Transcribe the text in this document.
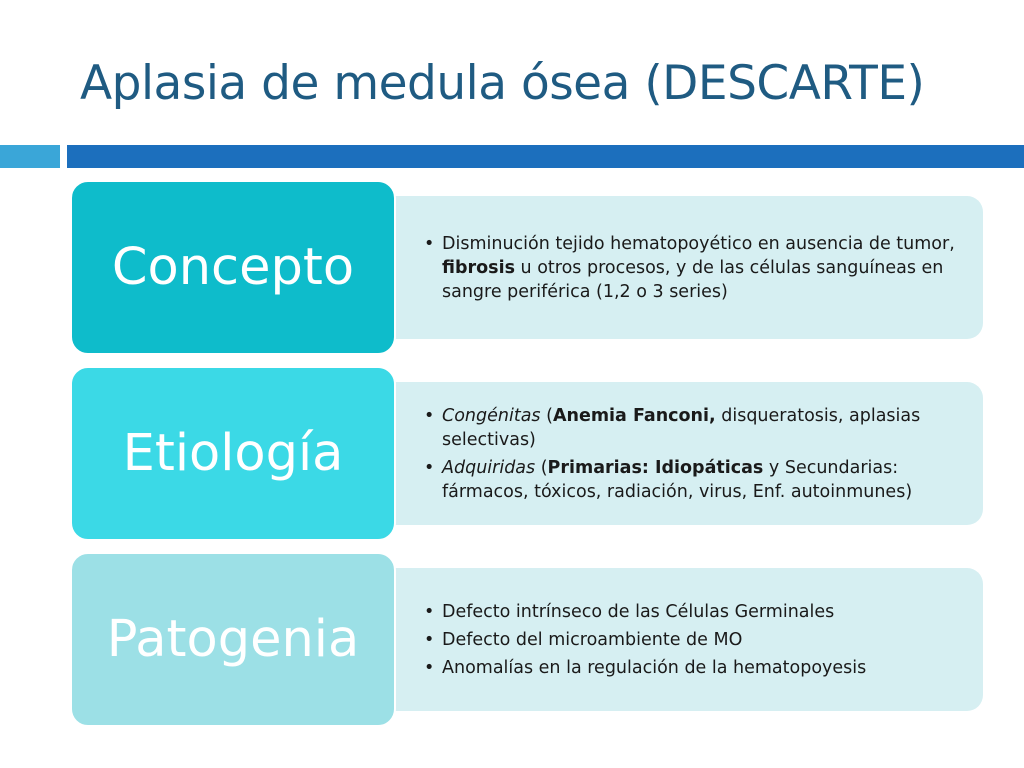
Aplasia de medula ósea (DESCARTE)
• Disminución tejido hematopoyético en ausencia de tumor, fibrosis u otros procesos, y de las células sanguíneas en sangre periférica (1,2 o 3 series)
Concepto
• Congénitas (Anemia Fanconi, disqueratosis, aplasias selectivas)
• Adquiridas (Primarias: Idiopáticas y Secundarias: fármacos, tóxicos, radiación, virus, Enf. autoinmunes)
Etiología
• Defecto intrínseco de las Células Germinales
• Defecto del microambiente de MO
• Anomalías en la regulación de la hematopoyesis
Patogenia
